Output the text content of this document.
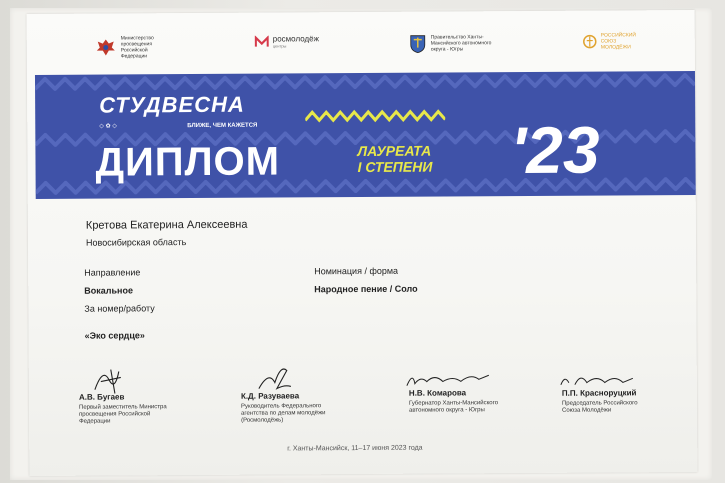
Министерство просвещения Российской Федерации
росмолодёж
центры
Правительство Ханты-Мансийского автономного округа - Югры
РОССИЙСКИЙ СОЮЗ МОЛОДЁЖИ
СТУДВЕСНА
◇ ✿ ◇	БЛИЖЕ, ЧЕМ КАЖЕТСЯ
ДИПЛОМ	ЛАУРЕАТА
I СТЕПЕНИ '23
Кретова Екатерина Алексеевна
Новосибирская область
Направление
Вокальное
Номинация / форма
Народное пение / Соло
За номер/работу
«Эко сердце»
А.В. Бугаев
Первый заместитель Министра просвещения Российской Федерации
К.Д. Разуваева
Руководитель Федерального агентства по делам молодёжи (Росмолодёжь)
Н.В. Комарова
Губернатор Ханты-Мансийского автономного округа - Югры
П.П. Красноруцкий
Председатель Российского Союза Молодёжи
г. Ханты-Мансийск, 11–17 июня 2023 года
